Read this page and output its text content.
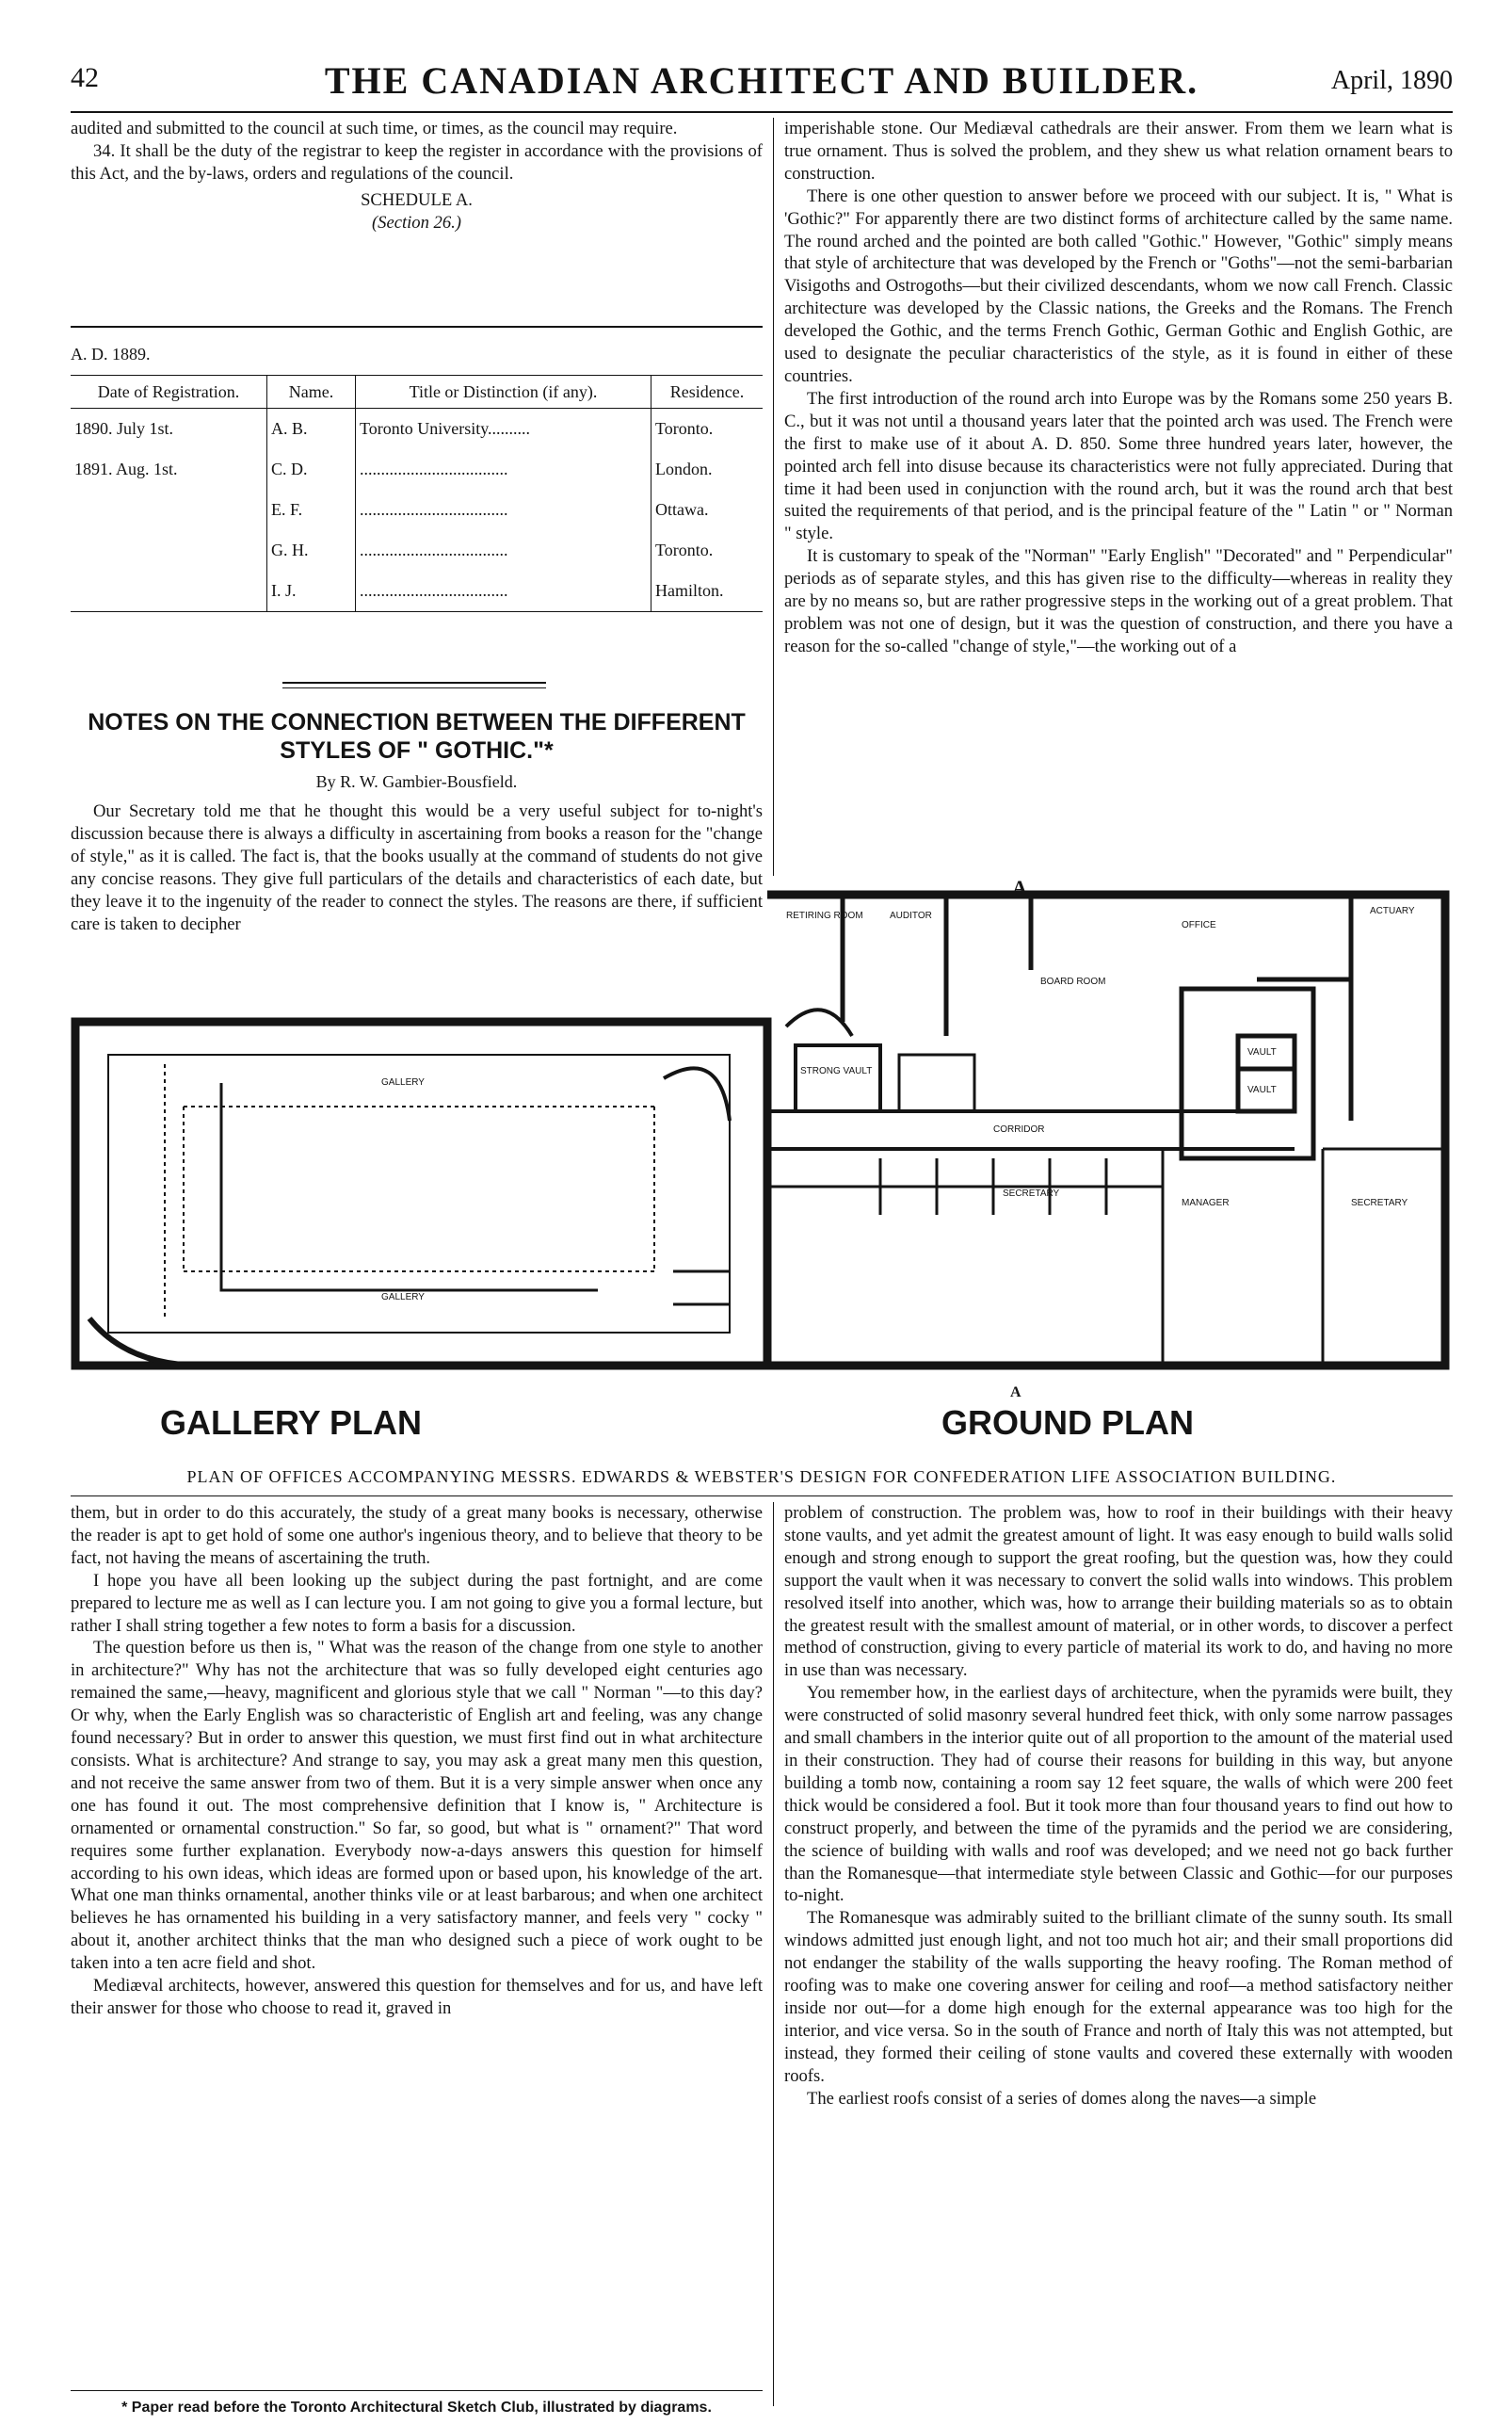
42	THE CANADIAN ARCHITECT AND BUILDER.	April, 1890

audited and submitted to the council at such time, or times, as the council may require.

34. It shall be the duty of the registrar to keep the register in accordance with the provisions of this Act, and the by-laws, orders and regulations of the council.

SCHEDULE A.
(Section 26.)
A. D. 1889.
Date of Registration.	Name.	Title or Distinction (if any).	Residence.
1890. July 1st.	A. B.	Toronto University..........	Toronto.
1891. Aug. 1st.	C. D.	...................................	London.
	E. F.	...................................	Ottawa.
	G. H.	...................................	Toronto.
	I. J.	...................................	Hamilton.
NOTES ON THE CONNECTION BETWEEN THE DIFFERENT STYLES OF " GOTHIC."*
By R. W. Gambier-Bousfield.

Our Secretary told me that he thought this would be a very useful subject for to-night's discussion because there is always a difficulty in ascertaining from books a reason for the "change of style," as it is called. The fact is, that the books usually at the command of students do not give any concise reasons. They give full particulars of the details and characteristics of each date, but they leave it to the ingenuity of the reader to connect the styles. The reasons are there, if sufficient care is taken to decipher

imperishable stone. Our Mediæval cathedrals are their answer. From them we learn what is true ornament. Thus is solved the problem, and they shew us what relation ornament bears to construction.

There is one other question to answer before we proceed with our subject. It is, " What is 'Gothic?" For apparently there are two distinct forms of architecture called by the same name. The round arched and the pointed are both called "Gothic." However, "Gothic" simply means that style of architecture that was developed by the French or "Goths"—not the semi-barbarian Visigoths and Ostrogoths—but their civilized descendants, whom we now call French. Classic architecture was developed by the Classic nations, the Greeks and the Romans. The French developed the Gothic, and the terms French Gothic, German Gothic and English Gothic, are used to designate the peculiar characteristics of the style, as it is found in either of these countries.

The first introduction of the round arch into Europe was by the Romans some 250 years B. C., but it was not until a thousand years later that the pointed arch was used. The French were the first to make use of it about A. D. 850. Some three hundred years later, however, the pointed arch fell into disuse because its characteristics were not fully appreciated. During that time it had been used in conjunction with the round arch, but it was the round arch that best suited the requirements of that period, and is the principal feature of the " Latin " or " Norman " style.

It is customary to speak of the "Norman" "Early English" "Decorated" and " Perpendicular" periods as of separate styles, and this has given rise to the difficulty—whereas in reality they are by no means so, but are rather progressive steps in the working out of a great problem. That problem was not one of design, but it was the question of construction, and there you have a reason for the so-called "change of style,"—the working out of a

A
GALLERY
GALLERY
RETIRING ROOM	AUDITOR
BOARD ROOM
OFFICE
ACTUARY
STRONG VAULT
VAULT
VAULT
CORRIDOR
MANAGER	SECRETARY
SECRETARY
GALLERY PLAN
A
GROUND PLAN
PLAN OF OFFICES ACCOMPANYING MESSRS. EDWARDS & WEBSTER'S DESIGN FOR CONFEDERATION LIFE ASSOCIATION BUILDING.

them, but in order to do this accurately, the study of a great many books is necessary, otherwise the reader is apt to get hold of some one author's ingenious theory, and to believe that theory to be fact, not having the means of ascertaining the truth.

I hope you have all been looking up the subject during the past fortnight, and are come prepared to lecture me as well as I can lecture you. I am not going to give you a formal lecture, but rather I shall string together a few notes to form a basis for a discussion.

The question before us then is, " What was the reason of the change from one style to another in architecture?" Why has not the architecture that was so fully developed eight centuries ago remained the same,—heavy, magnificent and glorious style that we call " Norman "—to this day? Or why, when the Early English was so characteristic of English art and feeling, was any change found necessary? But in order to answer this question, we must first find out in what architecture consists. What is architecture? And strange to say, you may ask a great many men this question, and not receive the same answer from two of them. But it is a very simple answer when once any one has found it out. The most comprehensive definition that I know is, " Architecture is ornamented or ornamental construction." So far, so good, but what is " ornament?" That word requires some further explanation. Everybody now-a-days answers this question for himself according to his own ideas, which ideas are formed upon or based upon, his knowledge of the art. What one man thinks ornamental, another thinks vile or at least barbarous; and when one architect believes he has ornamented his building in a very satisfactory manner, and feels very " cocky " about it, another architect thinks that the man who designed such a piece of work ought to be taken into a ten acre field and shot.

Mediæval architects, however, answered this question for themselves and for us, and have left their answer for those who choose to read it, graved in

* Paper read before the Toronto Architectural Sketch Club, illustrated by diagrams.

problem of construction. The problem was, how to roof in their buildings with their heavy stone vaults, and yet admit the greatest amount of light. It was easy enough to build walls solid enough and strong enough to support the great roofing, but the question was, how they could support the vault when it was necessary to convert the solid walls into windows. This problem resolved itself into another, which was, how to arrange their building materials so as to obtain the greatest result with the smallest amount of material, or in other words, to discover a perfect method of construction, giving to every particle of material its work to do, and having no more in use than was necessary.

You remember how, in the earliest days of architecture, when the pyramids were built, they were constructed of solid masonry several hundred feet thick, with only some narrow passages and small chambers in the interior quite out of all proportion to the amount of the material used in their construction. They had of course their reasons for building in this way, but anyone building a tomb now, containing a room say 12 feet square, the walls of which were 200 feet thick would be considered a fool. But it took more than four thousand years to find out how to construct properly, and between the time of the pyramids and the period we are considering, the science of building with walls and roof was developed; and we need not go back further than the Romanesque—that intermediate style between Classic and Gothic—for our purposes to-night.

The Romanesque was admirably suited to the brilliant climate of the sunny south. Its small windows admitted just enough light, and not too much hot air; and their small proportions did not endanger the stability of the walls supporting the heavy roofing. The Roman method of roofing was to make one covering answer for ceiling and roof—a method satisfactory neither inside nor out—for a dome high enough for the external appearance was too high for the interior, and vice versa. So in the south of France and north of Italy this was not attempted, but instead, they formed their ceiling of stone vaults and covered these externally with wooden roofs.

The earliest roofs consist of a series of domes along the naves—a simple
